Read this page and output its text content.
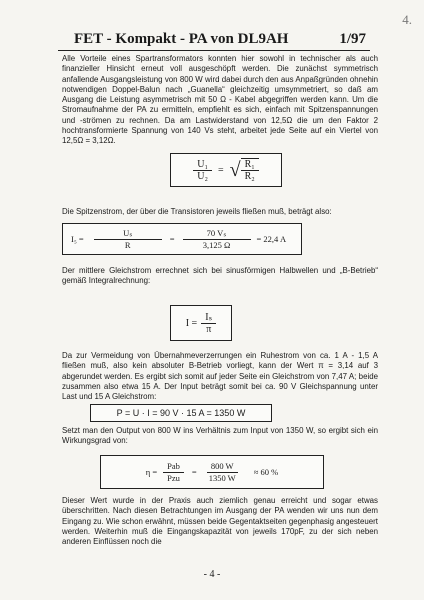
4.
FET - Kompakt - PA von DL9AH	1/97
Alle Vorteile eines Spartransformators konnten hier sowohl in technischer als auch finanzieller Hinsicht erneut voll ausgeschöpft werden. Die zunächst symmetrisch anfallende Ausgangsleistung von 800 W wird dabei durch den aus Anpaßgründen ohnehin notwendigen Doppel-Balun nach „Guanella“ gleichzeitig umsymmetriert, so daß am Ausgang die Leistung asymmetrisch mit 50 Ω - Kabel abgegriffen werden kann. Um die Stromaufnahme der PA zu ermitteln, empfiehlt es sich, einfach mit Spitzenspannungen und -strömen zu rechnen. Da am Lastwiderstand von 12,5Ω die um den Faktor 2 hochtransformierte Spannung von 140 Vs steht, arbeitet jede Seite auf ein Viertel von 12,5Ω = 3,12Ω.
$\frac{\text{U₁}}{\text{U₂}}$ = √ $\frac{\text{R₁}}{\text{R₂}}$
Die Spitzenstrom, der über die Transistoren jeweils fließen muß, beträgt also:
$I_5 = \frac{\text{Uₛ}}{R} = \frac{\text{70 Vₛ}}{3,125 \Omega} = 22,4$ A
Der mittlere Gleichstrom errechnet sich bei sinusförmigen Halbwellen und „B-Betrieb“ gemäß Integralrechnung:
$I = \frac{\text{Iₛ}}{\pi}$
Da zur Vermeidung von Übernahmeverzerrungen ein Ruhestrom von ca. 1 A - 1,5 A fließen muß, also kein absoluter B-Betrieb vorliegt, kann der Wert π = 3,14 auf 3 abgerundet werden. Es ergibt sich somit auf jeder Seite ein Gleichstrom von 7,47 A; beide zusammen also etwa 15 A. Der Input beträgt somit bei ca. 90 V Gleichspannung unter Last und 15 A Gleichstrom:
P = U · I = 90 V · 15 A = 1350 W
Setzt man den Output von 800 W ins Verhältnis zum Input von 1350 W, so ergibt sich ein Wirkungsgrad von:
$\eta = \frac{\text{Pab}}{\text{Pzu}} = \frac{800 W}{1350 W} \approx 60$ %
Dieser Wert wurde in der Praxis auch ziemlich genau erreicht und sogar etwas überschritten. Nach diesen Betrachtungen im Ausgang der PA wenden wir uns nun dem Eingang zu. Wie schon erwähnt, müssen beide Gegentaktseiten gegenphasig angesteuert werden. Weiterhin muß die Eingangskapazität von jeweils 170pF, zu der sich neben anderen Einflüssen noch die
- 4 -
